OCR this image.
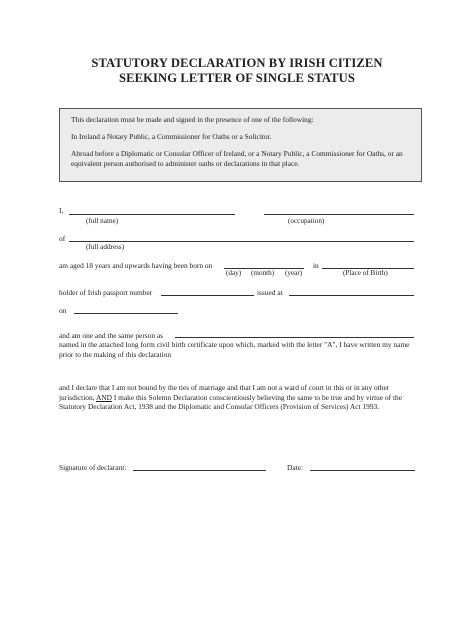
STATUTORY DECLARATION BY IRISH CITIZEN
SEEKING LETTER OF SINGLE STATUS

This declaration must be made and signed in the presence of one of the following:

In Ireland a Notary Public, a Commissioner for Oaths or a Solicitor.

Abroad before a Diplomatic or Consular Officer of Ireland, or a Notary Public, a Commissioner for Oaths, or an equivalent person authorised to administer oaths or declarations in that place.

I,
(full name)	(occupation)
of
(full address)
am aged 18 years and upwards having been born on	in
(day) (month) (year)	(Place of Birth)
holder of Irish passport number	issued at
on
and am one and the same person as

named in the attached long form civil birth certificate upon which, marked with the letter "A", I have written my name prior to the making of this declaration

and I declare that I am not bound by the ties of marriage and that I am not a ward of court in this or in any other jurisdiction, AND I make this Solemn Declaration conscientiously believing the same to be true and by virtue of the Statutory Declaration Act, 1938 and the Diplomatic and Consular Officers (Provision of Services) Act 1993.

Signature of declarant:	Date:
